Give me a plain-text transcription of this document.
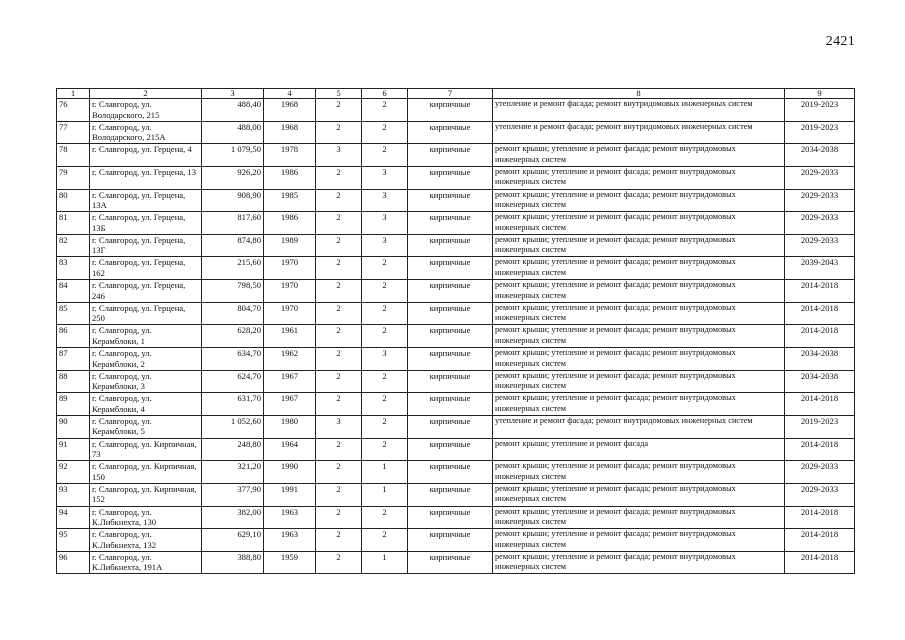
2421
1	2	3	4	5	6	7	8	9
76	г. Славгород, ул. Володарского, 215	488,40	1968	2	2	кирпичные	утепление и ремонт фасада; ремонт внутридомовых инженерных систем	2019-2023
77	г. Славгород, ул. Володарского, 215А	488,00	1968	2	2	кирпичные	утепление и ремонт фасада; ремонт внутридомовых инженерных систем	2019-2023
78	г. Славгород, ул. Герцена, 4	1 079,50	1978	3	2	кирпичные	ремонт крыши; утепление и ремонт фасада; ремонт внутридомовых инженерных систем	2034-2038
79	г. Славгород, ул. Герцена, 13	926,20	1986	2	3	кирпичные	ремонт крыши; утепление и ремонт фасада; ремонт внутридомовых инженерных систем	2029-2033
80	г. Славгород, ул. Герцена, 13А	908,90	1985	2	3	кирпичные	ремонт крыши; утепление и ремонт фасада; ремонт внутридомовых инженерных систем	2029-2033
81	г. Славгород, ул. Герцена, 13Б	817,60	1986	2	3	кирпичные	ремонт крыши; утепление и ремонт фасада; ремонт внутридомовых инженерных систем	2029-2033
82	г. Славгород, ул. Герцена, 13Г	874,80	1989	2	3	кирпичные	ремонт крыши; утепление и ремонт фасада; ремонт внутридомовых инженерных систем	2029-2033
83	г. Славгород, ул. Герцена, 162	215,60	1970	2	2	кирпичные	ремонт крыши; утепление и ремонт фасада; ремонт внутридомовых инженерных систем	2039-2043
84	г. Славгород, ул. Герцена, 246	798,50	1970	2	2	кирпичные	ремонт крыши; утепление и ремонт фасада; ремонт внутридомовых инженерных систем	2014-2018
85	г. Славгород, ул. Герцена, 250	804,70	1970	2	2	кирпичные	ремонт крыши; утепление и ремонт фасада; ремонт внутридомовых инженерных систем	2014-2018
86	г. Славгород, ул. Керамблоки, 1	628,20	1961	2	2	кирпичные	ремонт крыши; утепление и ремонт фасада; ремонт внутридомовых инженерных систем	2014-2018
87	г. Славгород, ул. Керамблоки, 2	634,70	1962	2	3	кирпичные	ремонт крыши; утепление и ремонт фасада; ремонт внутридомовых инженерных систем	2034-2038
88	г. Славгород, ул. Керамблоки, 3	624,70	1967	2	2	кирпичные	ремонт крыши; утепление и ремонт фасада; ремонт внутридомовых инженерных систем	2034-2038
89	г. Славгород, ул. Керамблоки, 4	631,70	1967	2	2	кирпичные	ремонт крыши; утепление и ремонт фасада; ремонт внутридомовых инженерных систем	2014-2018
90	г. Славгород, ул. Керамблоки, 5	1 052,60	1980	3	2	кирпичные	утепление и ремонт фасада; ремонт внутридомовых инженерных систем	2019-2023
91	г. Славгород, ул. Кирпичная, 73	248,80	1964	2	2	кирпичные	ремонт крыши; утепление и ремонт фасада	2014-2018
92	г. Славгород, ул. Кирпичная, 150	321,20	1990	2	1	кирпичные	ремонт крыши; утепление и ремонт фасада; ремонт внутридомовых инженерных систем	2029-2033
93	г. Славгород, ул. Кирпичная, 152	377,90	1991	2	1	кирпичные	ремонт крыши; утепление и ремонт фасада; ремонт внутридомовых инженерных систем	2029-2033
94	г. Славгород, ул. К.Либкнехта, 130	382,00	1963	2	2	кирпичные	ремонт крыши; утепление и ремонт фасада; ремонт внутридомовых инженерных систем	2014-2018
95	г. Славгород, ул. К.Либкнехта, 132	629,10	1963	2	2	кирпичные	ремонт крыши; утепление и ремонт фасада; ремонт внутридомовых инженерных систем	2014-2018
96	г. Славгород, ул. К.Либкнехта, 191А	388,80	1959	2	1	кирпичные	ремонт крыши; утепление и ремонт фасада; ремонт внутридомовых инженерных систем	2014-2018
